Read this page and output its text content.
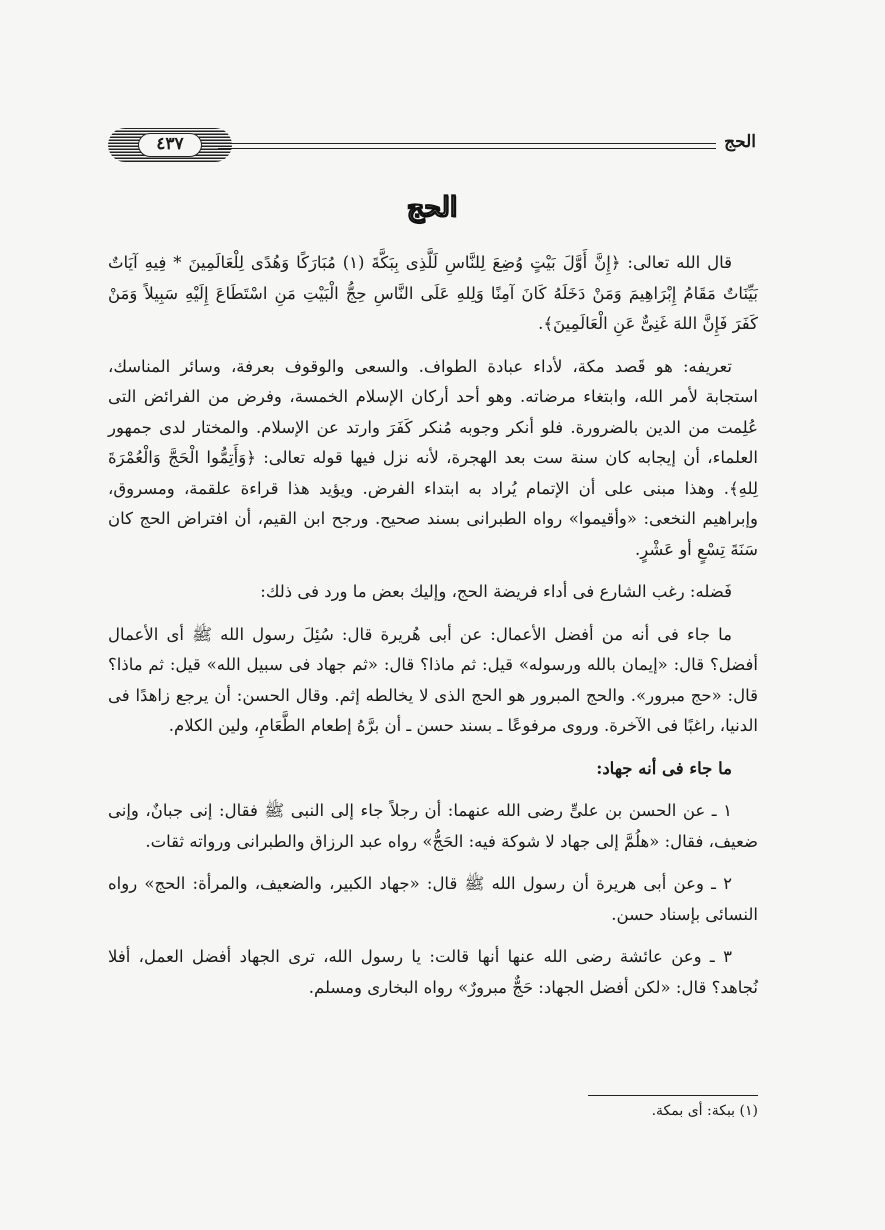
٤٣٧	الحج
الحج

قال الله تعالى: ﴿إِنَّ أَوَّلَ بَيْتٍ وُضِعَ لِلنَّاسِ لَلَّذِى بِبَكَّةَ (١) مُبَارَكًا وَهُدًى لِلْعَالَمِينَ * فِيهِ آيَاتٌ بَيِّنَاتٌ مَقَامُ إِبْرَاهِيمَ وَمَنْ دَخَلَهُ كَانَ آمِنًا وَلِلهِ عَلَى النَّاسِ حِجُّ الْبَيْتِ مَنِ اسْتَطَاعَ إِلَيْهِ سَبِيلاً وَمَنْ كَفَرَ فَإِنَّ اللهَ غَنِىٌّ عَنِ الْعَالَمِينَ﴾.

تعريفه: هو قَصد مكة، لأداء عبادة الطواف. والسعى والوقوف بعرفة، وسائر المناسك، استجابة لأمر الله، وابتغاء مرضاته. وهو أحد أركان الإسلام الخمسة، وفرض من الفرائض التى عُلِمت من الدين بالضرورة. فلو أنكر وجوبه مُنكر كَفَرَ وارتد عن الإسلام. والمختار لدى جمهور العلماء، أن إيجابه كان سنة ست بعد الهجرة، لأنه نزل فيها قوله تعالى: ﴿وَأَتِمُّوا الْحَجَّ وَالْعُمْرَةَ لِلهِ﴾. وهذا مبنى على أن الإتمام يُراد به ابتداء الفرض. ويؤيد هذا قراءة علقمة، ومسروق، وإبراهيم النخعى: «وأقيموا» رواه الطبرانى بسند صحيح. ورجح ابن القيم، أن افتراض الحج كان سَنَةَ تِسْعٍ أو عَشْرٍ.

فَضله: رغب الشارع فى أداء فريضة الحج، وإليك بعض ما ورد فى ذلك:

ما جاء فى أنه من أفضل الأعمال: عن أبى هُريرة قال: سُئِلَ رسول الله ﷺ أى الأعمال أفضل؟ قال: «إيمان بالله ورسوله» قيل: ثم ماذا؟ قال: «ثم جهاد فى سبيل الله» قيل: ثم ماذا؟ قال: «حج مبرور». والحج المبرور هو الحج الذى لا يخالطه إثم. وقال الحسن: أن يرجع زاهدًا فى الدنيا، راغبًا فى الآخرة. وروى مرفوعًا ـ بسند حسن ـ أن برَّهُ إطعام الطَّعَامِ، ولين الكلام.

ما جاء فى أنه جهاد:

١ ـ عن الحسن بن علىٍّ رضى الله عنهما: أن رجلاً جاء إلى النبى ﷺ فقال: إنى جبانٌ، وإنى ضعيف، فقال: «هلُمَّ إلى جهاد لا شوكة فيه: الحَجُّ» رواه عبد الرزاق والطبرانى ورواته ثقات.

٢ ـ وعن أبى هريرة أن رسول الله ﷺ قال: «جهاد الكبير، والضعيف، والمرأة: الحج» رواه النسائى بإسناد حسن.

٣ ـ وعن عائشة رضى الله عنها أنها قالت: يا رسول الله، ترى الجهاد أفضل العمل، أفلا نُجاهد؟ قال: «لكن أفضل الجهاد: حَجٌّ مبرورٌ» رواه البخارى ومسلم.

(١) ببكة: أى بمكة.
